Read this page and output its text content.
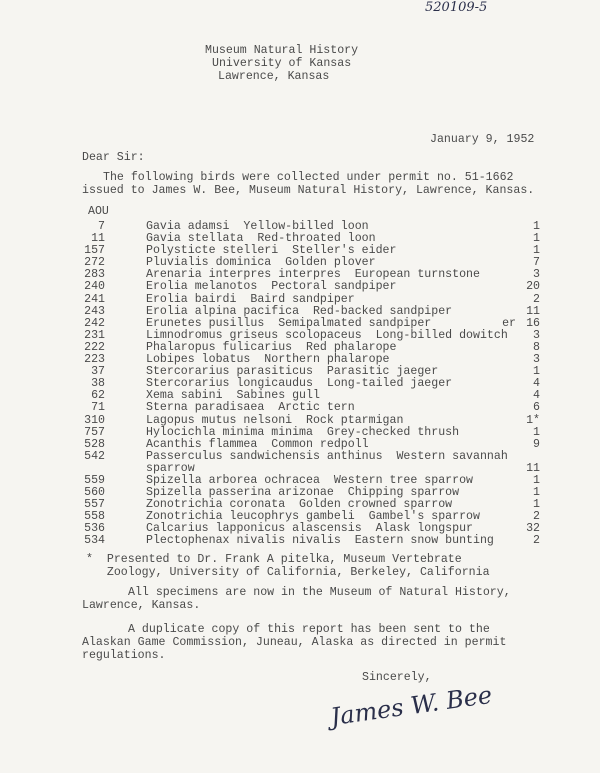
520109-5
Museum Natural History
University of Kansas
Lawrence, Kansas
January 9, 1952
Dear Sir:
The following birds were collected under permit no. 51-1662
issued to James W. Bee, Museum Natural History, Lawrence, Kansas.
AOU
7	Gavia adamsi  Yellow-billed loon	1
11	Gavia stellata  Red-throated loon	1
157	Polysticte stelleri  Steller's eider	1
272	Pluvialis dominica  Golden plover	7
283	Arenaria interpres interpres  European turnstone	3
240	Erolia melanotos  Pectoral sandpiper	20
241	Erolia bairdi  Baird sandpiper	2
243	Erolia alpina pacifica  Red-backed sandpiper	11
242	Erunetes pusillus  Semipalmated sandpiper	er 16
231	Limnodromus griseus scolopaceus  Long-billed dowitch	3
222	Phalaropus fulicarius  Red phalarope	8
223	Lobipes lobatus  Northern phalarope	3
37	Stercorarius parasiticus  Parasitic jaeger	1
38	Stercorarius longicaudus  Long-tailed jaeger	4
62	Xema sabini  Sabines gull	4
71	Sterna paradisaea  Arctic tern	6
310	Lagopus mutus nelsoni  Rock ptarmigan	1*
757	Hylocichla minima minima  Grey-checked thrush	1
528	Acanthis flammea  Common redpoll	9
542	Passerculus sandwichensis anthinus  Western savannah
sparrow	11
559	Spizella arborea ochracea  Western tree sparrow	1
560	Spizella passerina arizonae  Chipping sparrow	1
557	Zonotrichia coronata  Golden crowned sparrow	1
558	Zonotrichia leucophrys gambeli  Gambel's sparrow	2
536	Calcarius lapponicus alascensis  Alask longspur	32
534	Plectophenax nivalis nivalis  Eastern snow bunting	2
*  Presented to Dr. Frank A pitelka, Museum Vertebrate
Zoology, University of California, Berkeley, California
All specimens are now in the Museum of Natural History,
Lawrence, Kansas.
A duplicate copy of this report has been sent to the
Alaskan Game Commission, Juneau, Alaska as directed in permit
regulations.
Sincerely,
James W. Bee
